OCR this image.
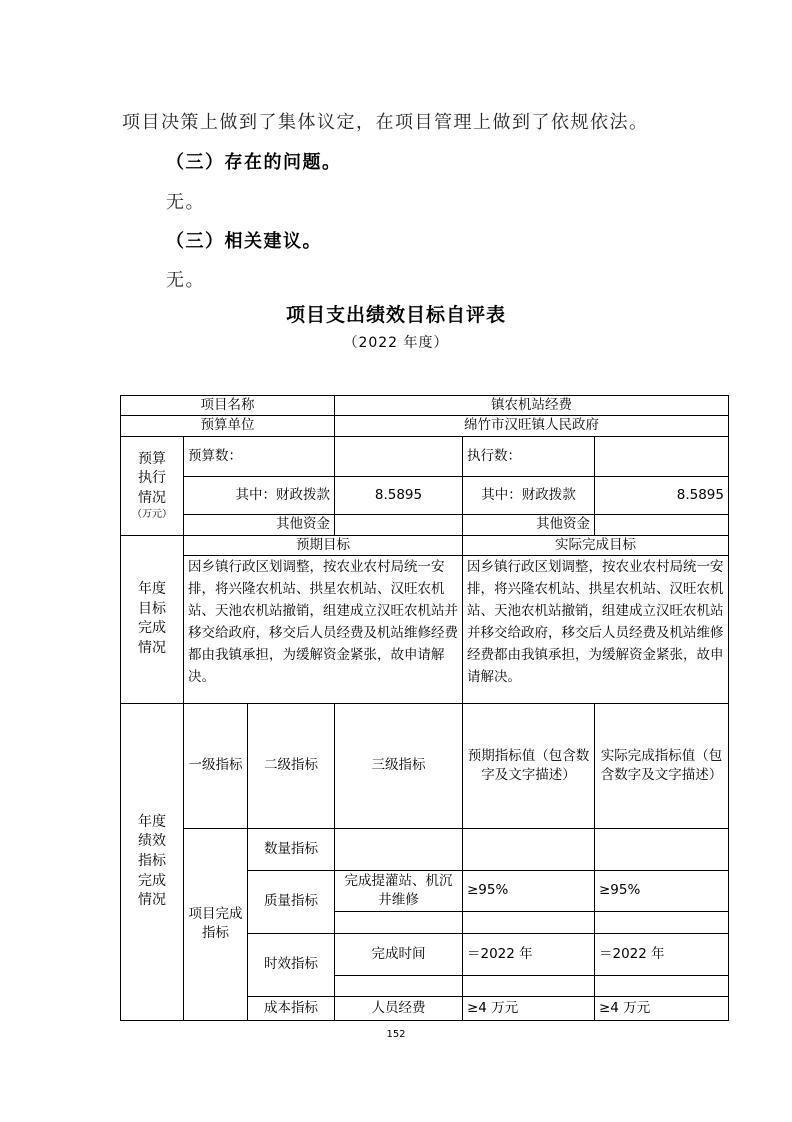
项目决策上做到了集体议定，在项目管理上做到了依规依法。
（三）存在的问题。
无。
（三）相关建议。
无。
项目支出绩效目标自评表
（2022 年度）
项目名称			镇农机站经费		
预算单位			绵竹市汉旺镇人民政府		

预算执行情况
（万元）	预算数：			执行数：	
	其中：财政拨款		8.5895	其中：财政拨款	8.5895
	其他资金			其他资金	

年度目标完成情况	预期目标			实际完成目标	
	因乡镇行政区划调整，按农业农村局统一安排，将兴隆农机站、拱星农机站、汉旺农机站、天池农机站撤销，组建成立汉旺农机站并移交给政府，移交后人员经费及机站维修经费都由我镇承担，为缓解资金紧张，故申请解决。			因乡镇行政区划调整，按农业农村局统一安排，将兴隆农机站、拱星农机站、汉旺农机站、天池农机站撤销，组建成立汉旺农机站并移交给政府，移交后人员经费及机站维修经费都由我镇承担，为缓解资金紧张，故申请解决。	

年度绩效指标完成情况	一级指标	二级指标	三级指标	预期指标值（包含数字及文字描述）	实际完成指标值（包含数字及文字描述）
	项目完成指标	数量指标			
		质量指标	完成提灌站、机沉井维修	≥95%	≥95%

		时效指标	完成时间	＝2022 年	＝2022 年

		成本指标	人员经费	≥4 万元	≥4 万元
152
